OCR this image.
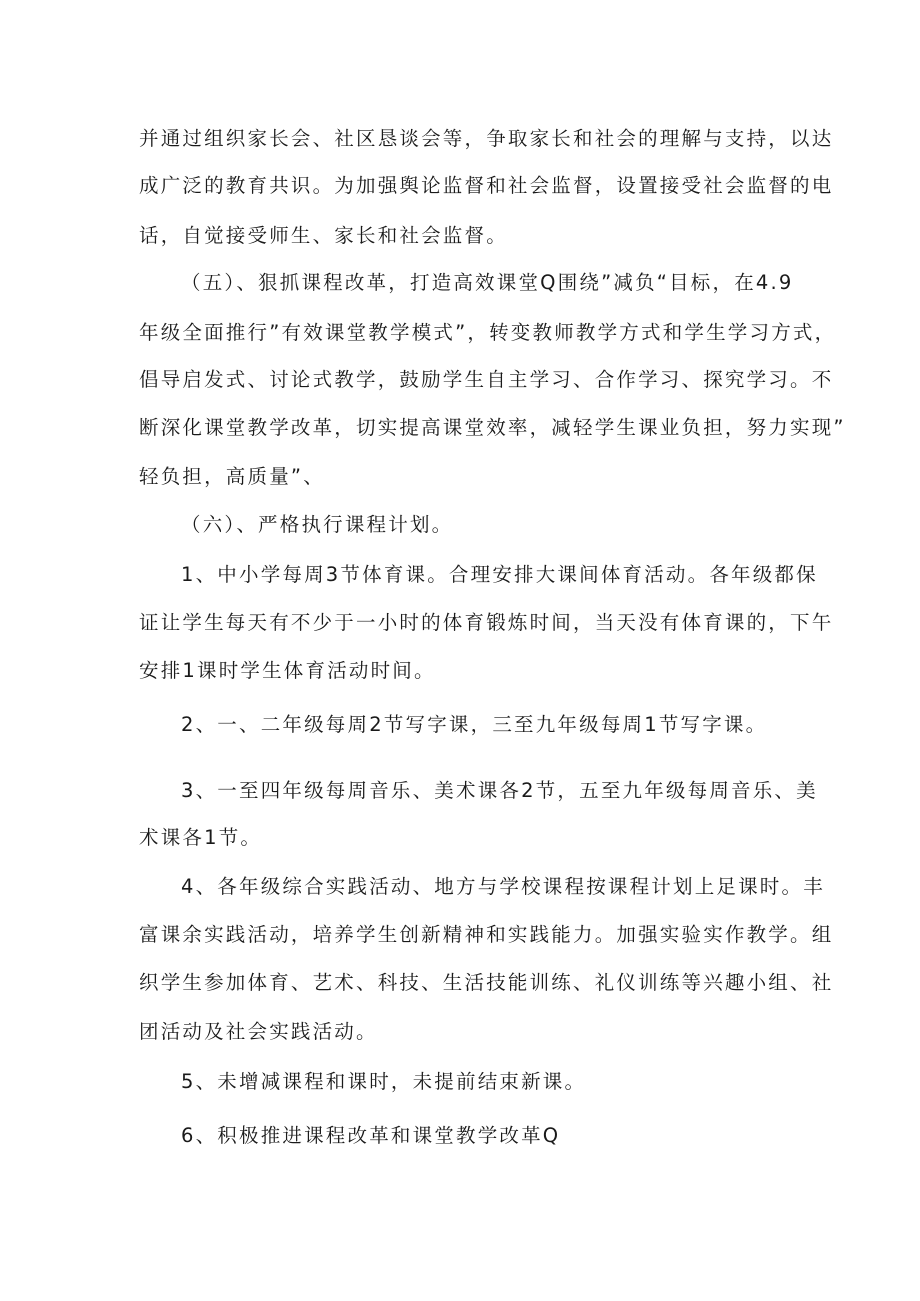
并通过组织家长会、社区恳谈会等，争取家长和社会的理解与支持，以达
成广泛的教育共识。为加强舆论监督和社会监督，设置接受社会监督的电
话，自觉接受师生、家长和社会监督。
（五）、狠抓课程改革，打造高效课堂Q围绕”减负“目标，在4.9
年级全面推行”有效课堂教学模式”，转变教师教学方式和学生学习方式，
倡导启发式、讨论式教学，鼓励学生自主学习、合作学习、探究学习。不
断深化课堂教学改革，切实提高课堂效率，减轻学生课业负担，努力实现”
轻负担，高质量”、
（六）、严格执行课程计划。
1、中小学每周3节体育课。合理安排大课间体育活动。各年级都保
证让学生每天有不少于一小时的体育锻炼时间，当天没有体育课的，下午
安排1课时学生体育活动时间。
2、一、二年级每周2节写字课，三至九年级每周1节写字课。
3、一至四年级每周音乐、美术课各2节，五至九年级每周音乐、美
术课各1节。
4、各年级综合实践活动、地方与学校课程按课程计划上足课时。丰
富课余实践活动，培养学生创新精神和实践能力。加强实验实作教学。组
织学生参加体育、艺术、科技、生活技能训练、礼仪训练等兴趣小组、社
团活动及社会实践活动。
5、未增减课程和课时，未提前结束新课。
6、积极推进课程改革和课堂教学改革Q
